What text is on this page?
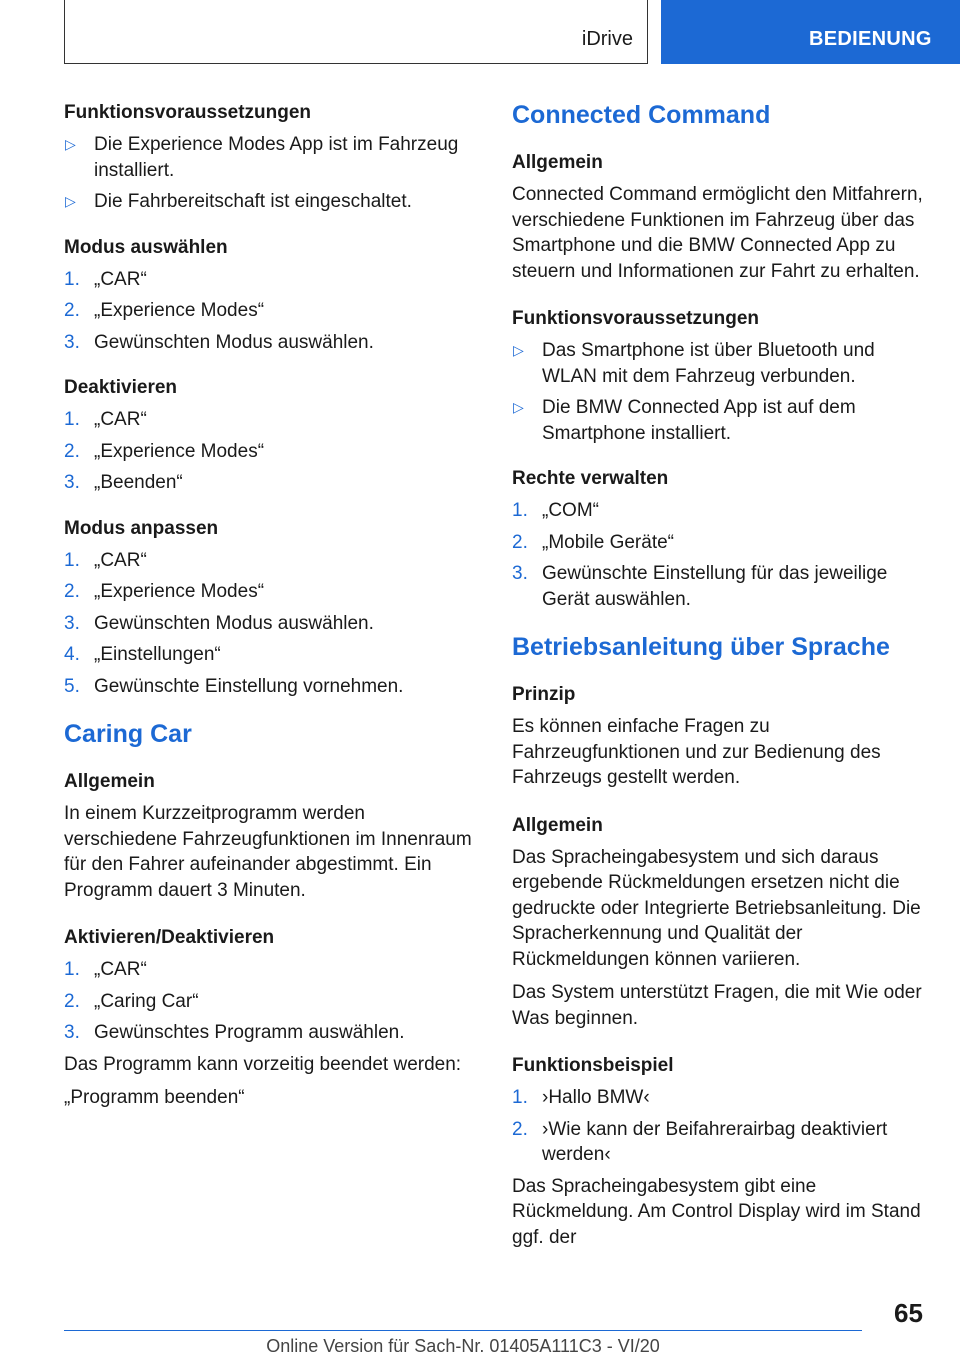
iDrive	BEDIENUNG
Funktionsvoraussetzungen
▷ Die Experience Modes App ist im Fahrzeug installiert.
▷ Die Fahrbereitschaft ist eingeschaltet.
Modus auswählen
1. „CAR“
2. „Experience Modes“
3. Gewünschten Modus auswählen.
Deaktivieren
1. „CAR“
2. „Experience Modes“
3. „Beenden“
Modus anpassen
1. „CAR“
2. „Experience Modes“
3. Gewünschten Modus auswählen.
4. „Einstellungen“
5. Gewünschte Einstellung vornehmen.
Caring Car
Allgemein

In einem Kurzzeitprogramm werden verschiedene Fahrzeugfunktionen im Innenraum für den Fahrer aufeinander abgestimmt. Ein Programm dauert 3 Minuten.

Aktivieren/Deaktivieren
1. „CAR“
2. „Caring Car“
3. Gewünschtes Programm auswählen.

Das Programm kann vorzeitig beendet werden:

„Programm beenden“

Connected Command
Allgemein

Connected Command ermöglicht den Mitfahrern, verschiedene Funktionen im Fahrzeug über das Smartphone und die BMW Connected App zu steuern und Informationen zur Fahrt zu erhalten.

Funktionsvoraussetzungen
▷ Das Smartphone ist über Bluetooth und WLAN mit dem Fahrzeug verbunden.
▷ Die BMW Connected App ist auf dem Smartphone installiert.
Rechte verwalten
1. „COM“
2. „Mobile Geräte“
3. Gewünschte Einstellung für das jeweilige Gerät auswählen.
Betriebsanleitung über Sprache
Prinzip

Es können einfache Fragen zu Fahrzeugfunktionen und zur Bedienung des Fahrzeugs gestellt werden.

Allgemein

Das Spracheingabesystem und sich daraus ergebende Rückmeldungen ersetzen nicht die gedruckte oder Integrierte Betriebsanleitung. Die Spracherkennung und Qualität der Rückmeldungen können variieren.

Das System unterstützt Fragen, die mit Wie oder Was beginnen.

Funktionsbeispiel
1. ›Hallo BMW‹
2. ›Wie kann der Beifahrerairbag deaktiviert werden‹

Das Spracheingabesystem gibt eine Rückmeldung. Am Control Display wird im Stand ggf. der

65
Online Version für Sach-Nr. 01405A111C3 - VI/20
